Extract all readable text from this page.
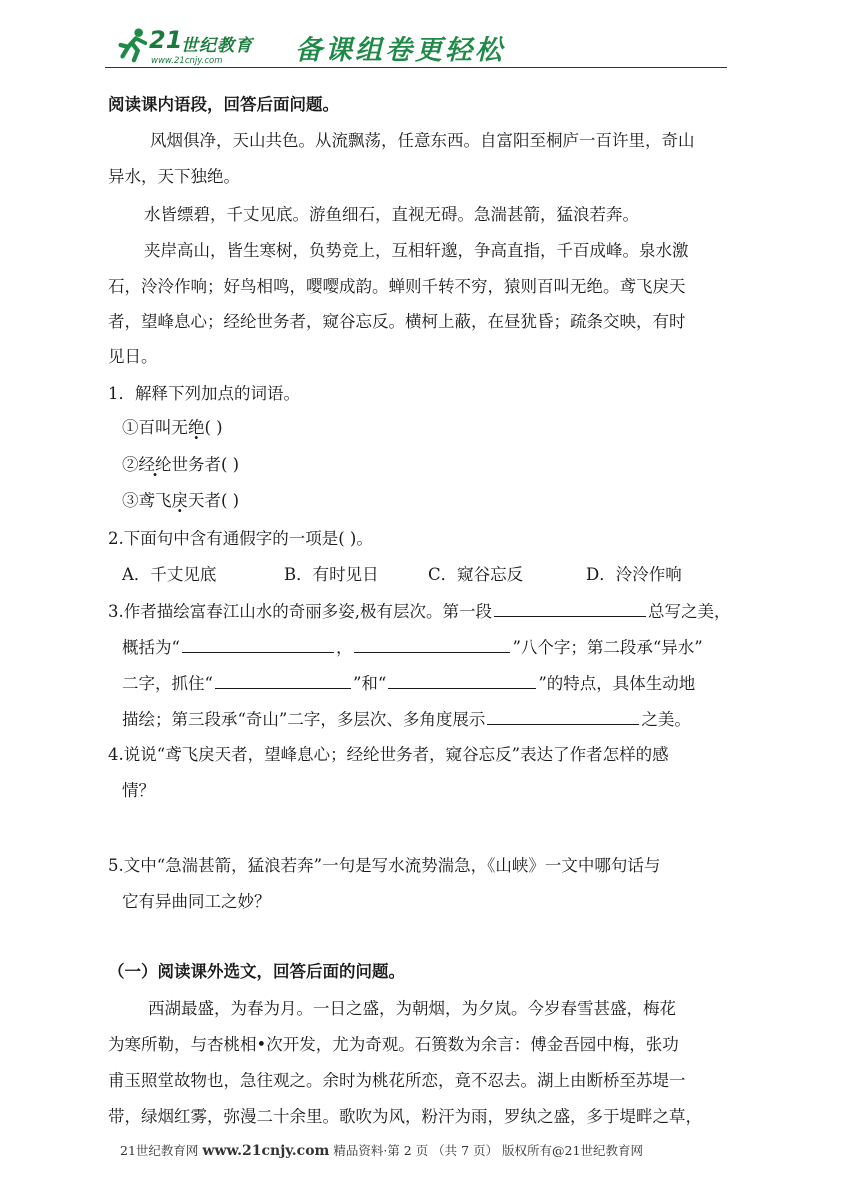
21
世纪教育
www.21cnjy.com	备课组卷更轻松
阅读课内语段，回答后面问题。
风烟俱净，天山共色。从流飘荡，任意东西。自富阳至桐庐一百许里，奇山
异水，天下独绝。
水皆缥碧，千丈见底。游鱼细石，直视无碍。急湍甚箭，猛浪若奔。
夹岸高山，皆生寒树，负势竞上，互相轩邈，争高直指，千百成峰。泉水激
石，泠泠作响；好鸟相鸣，嘤嘤成韵。蝉则千转不穷，猿则百叫无绝。鸢飞戾天
者，望峰息心；经纶世务者，窥谷忘反。横柯上蔽，在昼犹昏；疏条交映，有时
见日。
1．解释下列加点的词语。
①百叫无绝( )
②经纶世务者( )
③鸢飞戾天者( )
2.下面句中含有通假字的一项是( )。
A．千丈见底	B．有时见日	C．窥谷忘反	D．泠泠作响
3.作者描绘富春江山水的奇丽多姿,极有层次。第一段	总写之美，
概括为“	，	”八个字；第二段承“异水”
二字，抓住“	”和“	”的特点，具体生动地
描绘；第三段承“奇山”二字，多层次、多角度展示	之美。
4.说说“鸢飞戾天者，望峰息心；经纶世务者，窥谷忘反”表达了作者怎样的感
情？
5.文中“急湍甚箭，猛浪若奔”一句是写水流势湍急，《山峡》一文中哪句话与
它有异曲同工之妙？
（一）阅读课外选文，回答后面的问题。
西湖最盛，为春为月。一日之盛，为朝烟，为夕岚。今岁春雪甚盛，梅花
为寒所勒，与杏桃相•次开发，尤为奇观。石篑数为余言：傅金吾园中梅，张功
甫玉照堂故物也，急往观之。余时为桃花所恋，竟不忍去。湖上由断桥至苏堤一
带，绿烟红雾，弥漫二十余里。歌吹为风，粉汗为雨，罗纨之盛，多于堤畔之草，
21世纪教育网 www.21cnjy.com 精品资料·第 2 页 （共 7 页） 版权所有@21世纪教育网
